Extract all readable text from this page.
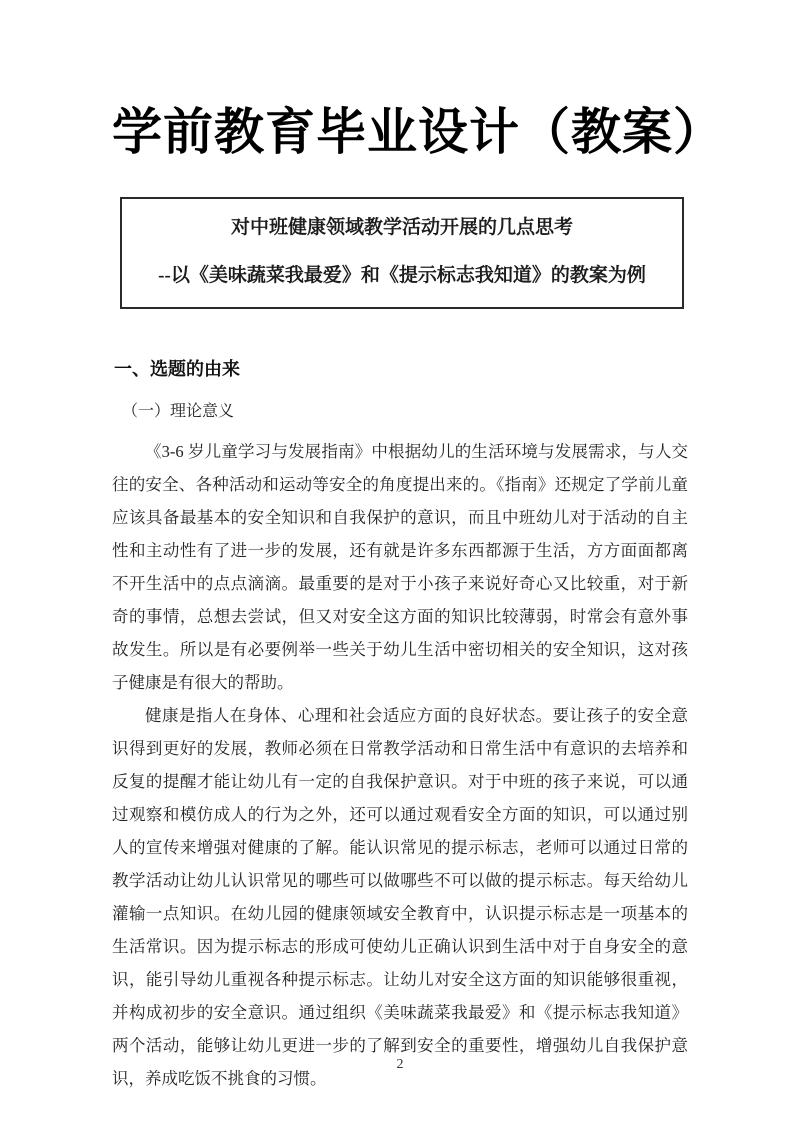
学前教育毕业设计（教案）
对中班健康领域教学活动开展的几点思考
--以《美味蔬菜我最爱》和《提示标志我知道》的教案为例
一、选题的由来
（一）理论意义

《3-6 岁儿童学习与发展指南》中根据幼儿的生活环境与发展需求，与人交往的安全、各种活动和运动等安全的角度提出来的。《指南》还规定了学前儿童应该具备最基本的安全知识和自我保护的意识，而且中班幼儿对于活动的自主性和主动性有了进一步的发展，还有就是许多东西都源于生活，方方面面都离不开生活中的点点滴滴。最重要的是对于小孩子来说好奇心又比较重，对于新奇的事情，总想去尝试，但又对安全这方面的知识比较薄弱，时常会有意外事故发生。所以是有必要例举一些关于幼儿生活中密切相关的安全知识，这对孩子健康是有很大的帮助。

健康是指人在身体、心理和社会适应方面的良好状态。要让孩子的安全意识得到更好的发展，教师必须在日常教学活动和日常生活中有意识的去培养和反复的提醒才能让幼儿有一定的自我保护意识。对于中班的孩子来说，可以通过观察和模仿成人的行为之外，还可以通过观看安全方面的知识，可以通过别人的宣传来增强对健康的了解。能认识常见的提示标志，老师可以通过日常的教学活动让幼儿认识常见的哪些可以做哪些不可以做的提示标志。每天给幼儿灌输一点知识。在幼儿园的健康领域安全教育中，认识提示标志是一项基本的生活常识。因为提示标志的形成可使幼儿正确认识到生活中对于自身安全的意识，能引导幼儿重视各种提示标志。让幼儿对安全这方面的知识能够很重视，并构成初步的安全意识。通过组织《美味蔬菜我最爱》和《提示标志我知道》两个活动，能够让幼儿更进一步的了解到安全的重要性，增强幼儿自我保护意识，养成吃饭不挑食的习惯。

2
